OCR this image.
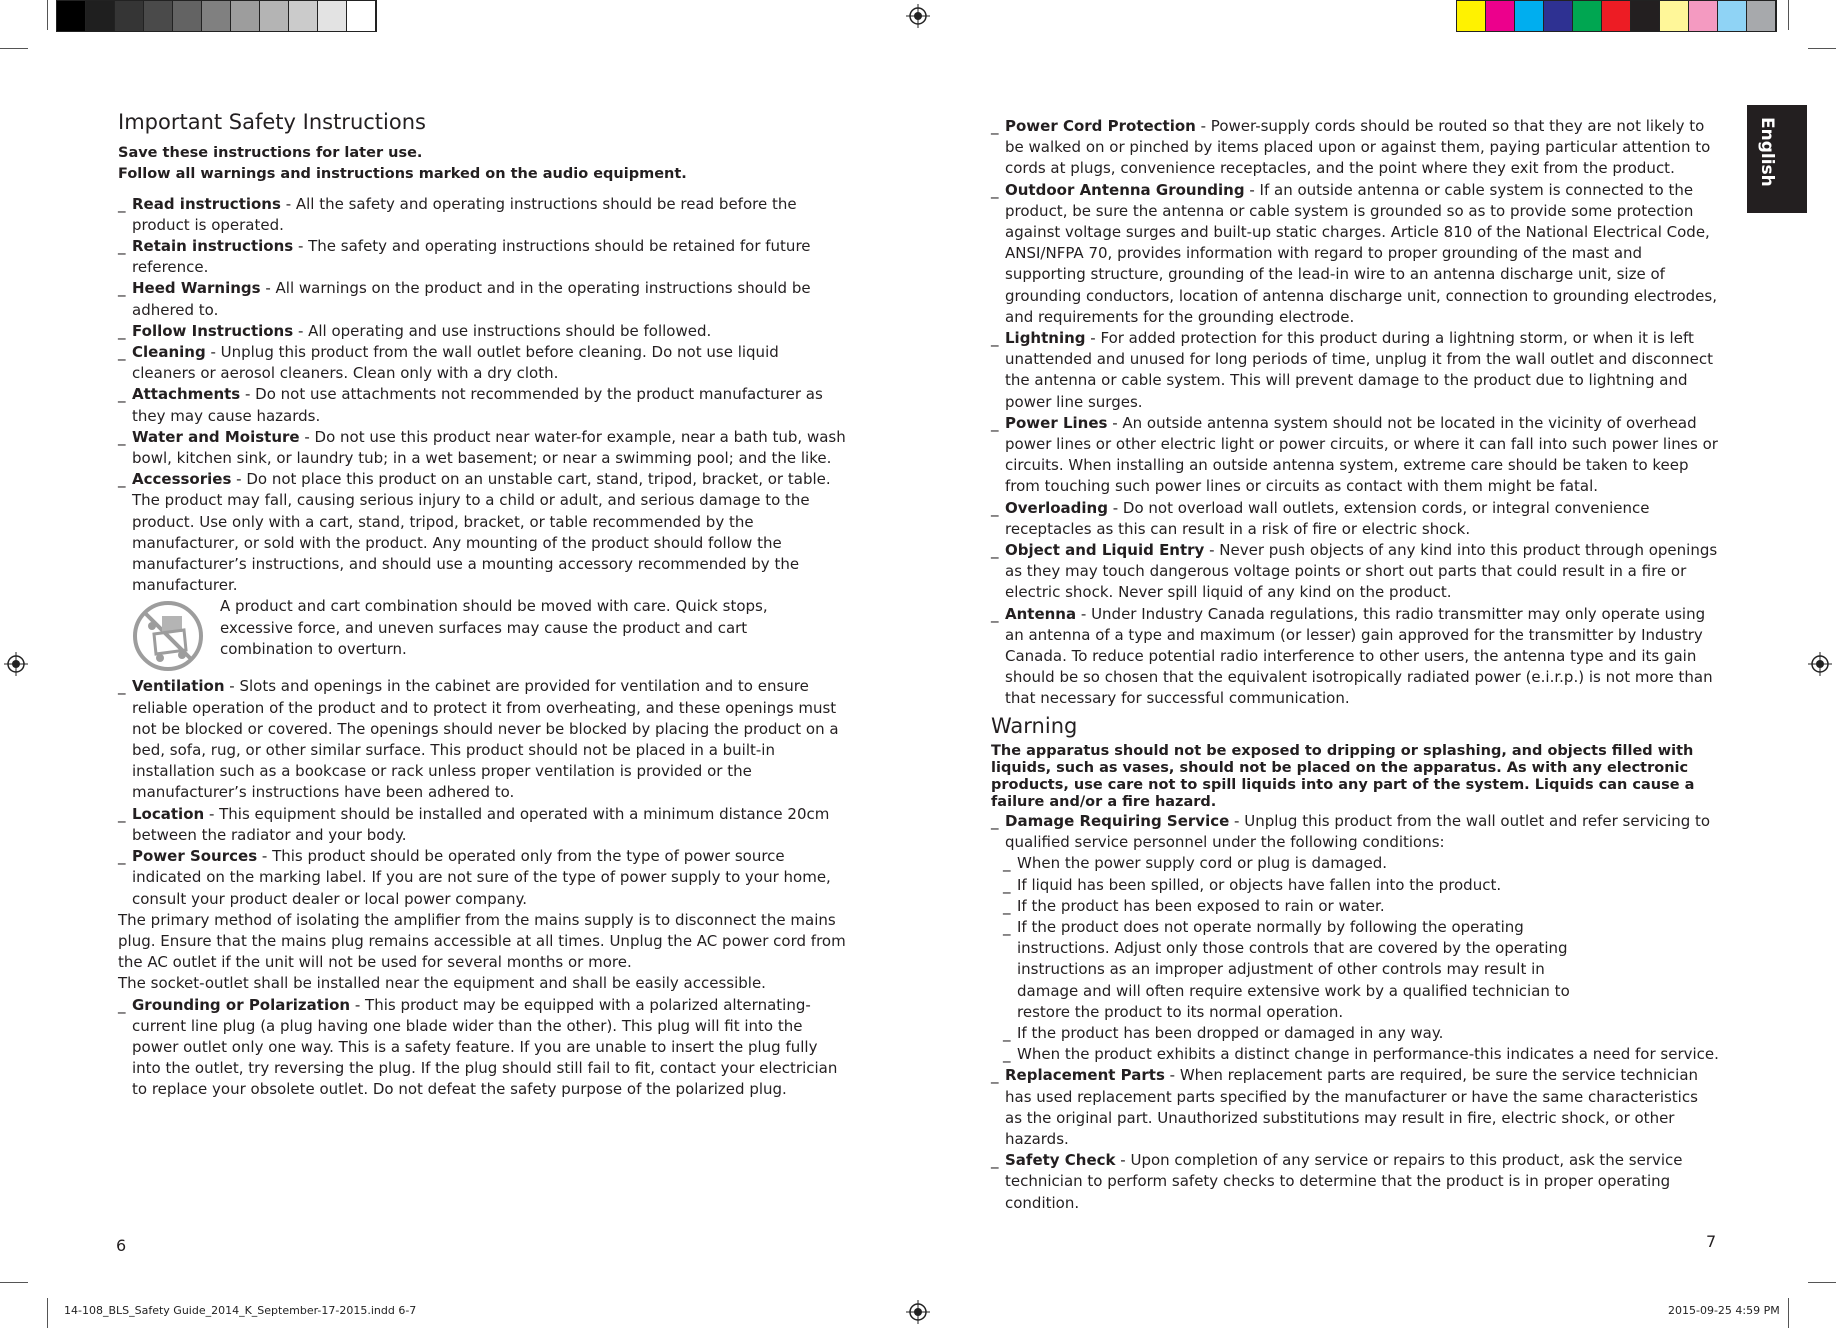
Important Safety Instructions

Save these instructions for later use.

Follow all warnings and instructions marked on the audio equipment.

_ Read instructions - All the safety and operating instructions should be read before the product is operated.

_ Retain instructions - The safety and operating instructions should be retained for future reference.

_ Heed Warnings - All warnings on the product and in the operating instructions should be adhered to.

_ Follow Instructions - All operating and use instructions should be followed.

_ Cleaning - Unplug this product from the wall outlet before cleaning. Do not use liquid cleaners or aerosol cleaners. Clean only with a dry cloth.

_ Attachments - Do not use attachments not recommended by the product manufacturer as they may cause hazards.

_ Water and Moisture - Do not use this product near water-for example, near a bath tub, wash bowl, kitchen sink, or laundry tub; in a wet basement; or near a swimming pool; and the like.

_ Accessories - Do not place this product on an unstable cart, stand, tripod, bracket, or table. The product may fall, causing serious injury to a child or adult, and serious damage to the product. Use only with a cart, stand, tripod, bracket, or table recommended by the manufacturer, or sold with the product. Any mounting of the product should follow the manufacturer’s instructions, and should use a mounting accessory recommended by the manufacturer.

A product and cart combination should be moved with care. Quick stops, excessive force, and uneven surfaces may cause the product and cart combination to overturn.

_ Ventilation - Slots and openings in the cabinet are provided for ventilation and to ensure reliable operation of the product and to protect it from overheating, and these openings must not be blocked or covered. The openings should never be blocked by placing the product on a bed, sofa, rug, or other similar surface. This product should not be placed in a built-in installation such as a bookcase or rack unless proper ventilation is provided or the manufacturer’s instructions have been adhered to.

_ Location - This equipment should be installed and operated with a minimum distance 20cm between the radiator and your body.

_ Power Sources - This product should be operated only from the type of power source indicated on the marking label. If you are not sure of the type of power supply to your home, consult your product dealer or local power company.

The primary method of isolating the amplifier from the mains supply is to disconnect the mains plug. Ensure that the mains plug remains accessible at all times. Unplug the AC power cord from the AC outlet if the unit will not be used for several months or more.

The socket-outlet shall be installed near the equipment and shall be easily accessible.

_ Grounding or Polarization - This product may be equipped with a polarized alternating-current line plug (a plug having one blade wider than the other). This plug will fit into the power outlet only one way. This is a safety feature. If you are unable to insert the plug fully into the outlet, try reversing the plug. If the plug should still fail to fit, contact your electrician to replace your obsolete outlet. Do not defeat the safety purpose of the polarized plug.

6

_ Power Cord Protection - Power-supply cords should be routed so that they are not likely to be walked on or pinched by items placed upon or against them, paying particular attention to cords at plugs, convenience receptacles, and the point where they exit from the product.

_ Outdoor Antenna Grounding - If an outside antenna or cable system is connected to the product, be sure the antenna or cable system is grounded so as to provide some protection against voltage surges and built-up static charges. Article 810 of the National Electrical Code, ANSI/NFPA 70, provides information with regard to proper grounding of the mast and supporting structure, grounding of the lead-in wire to an antenna discharge unit, size of grounding conductors, location of antenna discharge unit, connection to grounding electrodes, and requirements for the grounding electrode.

_ Lightning - For added protection for this product during a lightning storm, or when it is left unattended and unused for long periods of time, unplug it from the wall outlet and disconnect the antenna or cable system. This will prevent damage to the product due to lightning and power line surges.

_ Power Lines - An outside antenna system should not be located in the vicinity of overhead power lines or other electric light or power circuits, or where it can fall into such power lines or circuits. When installing an outside antenna system, extreme care should be taken to keep from touching such power lines or circuits as contact with them might be fatal.

_ Overloading - Do not overload wall outlets, extension cords, or integral convenience receptacles as this can result in a risk of fire or electric shock.

_ Object and Liquid Entry - Never push objects of any kind into this product through openings as they may touch dangerous voltage points or short out parts that could result in a fire or electric shock. Never spill liquid of any kind on the product.

_ Antenna - Under Industry Canada regulations, this radio transmitter may only operate using an antenna of a type and maximum (or lesser) gain approved for the transmitter by Industry Canada. To reduce potential radio interference to other users, the antenna type and its gain should be so chosen that the equivalent isotropically radiated power (e.i.r.p.) is not more than that necessary for successful communication.

Warning

The apparatus should not be exposed to dripping or splashing, and objects filled with liquids, such as vases, should not be placed on the apparatus. As with any electronic products, use care not to spill liquids into any part of the system. Liquids can cause a failure and/or a fire hazard.

_ Damage Requiring Service - Unplug this product from the wall outlet and refer servicing to qualified service personnel under the following conditions:

_ When the power supply cord or plug is damaged.

_ If liquid has been spilled, or objects have fallen into the product.

_ If the product has been exposed to rain or water.

_ If the product does not operate normally by following the operating instructions. Adjust only those controls that are covered by the operating instructions as an improper adjustment of other controls may result in damage and will often require extensive work by a qualified technician to restore the product to its normal operation.

_ If the product has been dropped or damaged in any way.

_ When the product exhibits a distinct change in performance-this indicates a need for service.

_ Replacement Parts - When replacement parts are required, be sure the service technician has used replacement parts specified by the manufacturer or have the same characteristics as the original part. Unauthorized substitutions may result in fire, electric shock, or other hazards.

_ Safety Check - Upon completion of any service or repairs to this product, ask the service technician to perform safety checks to determine that the product is in proper operating condition.

7
English
14-108_BLS_Safety Guide_2014_K_September-17-2015.indd 6-7	2015-09-25 4:59 PM
